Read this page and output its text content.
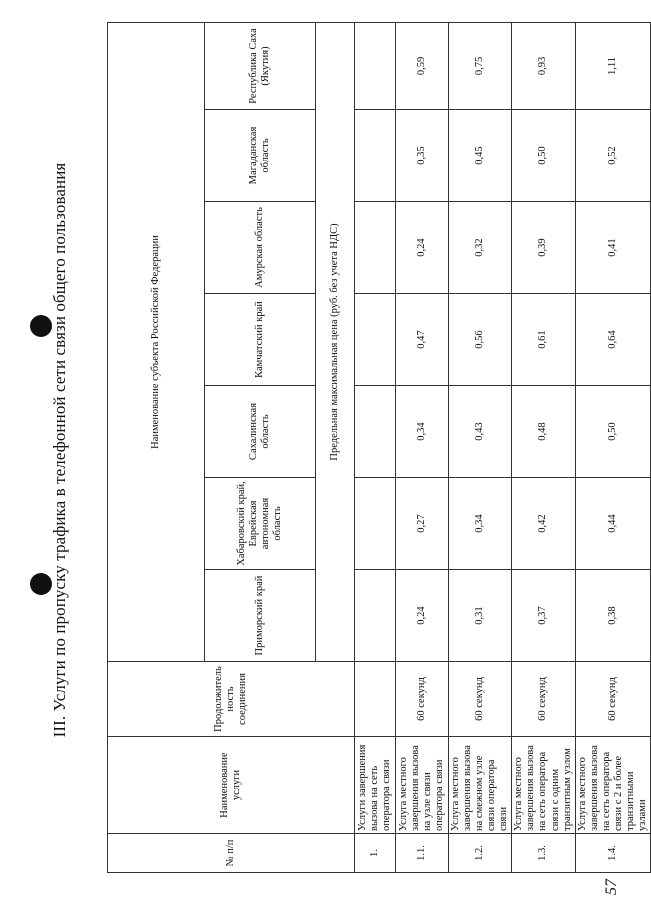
III. Услуги по пропуску трафика в телефонной сети связи общего пользования
№ п/п	Наименование услуги	Продолжитель ность соединения	Наименование субъекта Российской Федерации						
			Приморский край	Хабаровский край, Еврейская автономная область	Сахалинская область	Камчатский край	Амурская область	Магаданская область	Республика Саха (Якутия)
			Предельная максимальная цена (руб. без учета НДС)						
1.	Услуги завершения вызова на сеть оператора связи								
1.1.	Услуга местного завершения вызова на узле связи оператора связи	60 секунд	0,24	0,27	0,34	0,47	0,24	0,35	0,59
1.2.	Услуга местного завершения вызова на смежном узле связи оператора связи	60 секунд	0,31	0,34	0,43	0,56	0,32	0,45	0,75
1.3.	Услуга местного завершения вызова на сеть оператора связи с одним транзитным узлом	60 секунд	0,37	0,42	0,48	0,61	0,39	0,50	0,93
1.4.	Услуга местного завершения вызова на сеть оператора связи с 2 и более транзитными узлами	60 секунд	0,38	0,44	0,50	0,64	0,41	0,52	1,11
57
